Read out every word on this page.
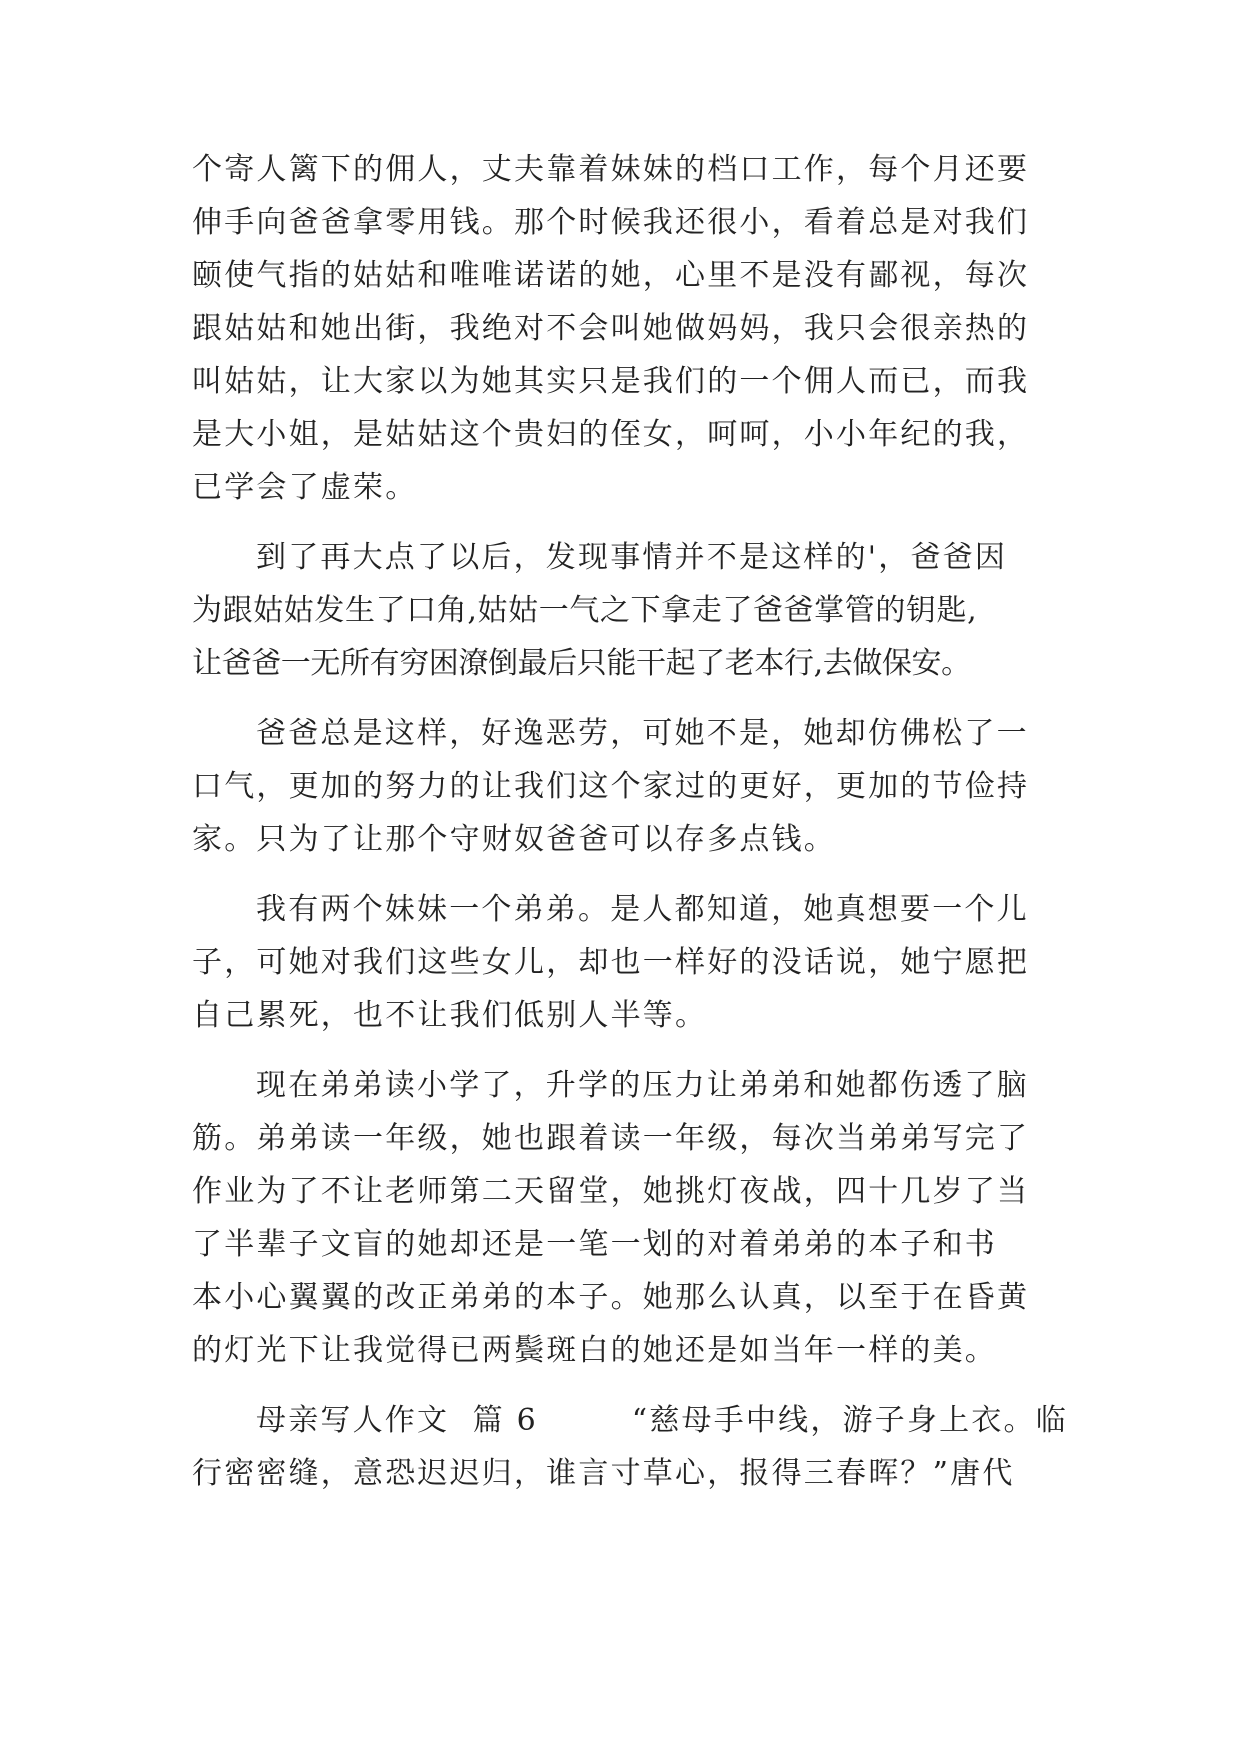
个寄人篱下的佣人，丈夫靠着妹妹的档口工作，每个月还要
伸手向爸爸拿零用钱。那个时候我还很小，看着总是对我们
颐使气指的姑姑和唯唯诺诺的她，心里不是没有鄙视，每次
跟姑姑和她出街，我绝对不会叫她做妈妈，我只会很亲热的
叫姑姑，让大家以为她其实只是我们的一个佣人而已，而我
是大小姐，是姑姑这个贵妇的侄女，呵呵，小小年纪的我，
已学会了虚荣。
到了再大点了以后，发现事情并不是这样的'，爸爸因
为跟姑姑发生了口角,姑姑一气之下拿走了爸爸掌管的钥匙,
让爸爸一无所有穷困潦倒最后只能干起了老本行,去做保安。
爸爸总是这样，好逸恶劳，可她不是，她却仿佛松了一
口气，更加的努力的让我们这个家过的更好，更加的节俭持
家。只为了让那个守财奴爸爸可以存多点钱。
我有两个妹妹一个弟弟。是人都知道，她真想要一个儿
子，可她对我们这些女儿，却也一样好的没话说，她宁愿把
自己累死，也不让我们低别人半等。
现在弟弟读小学了，升学的压力让弟弟和她都伤透了脑
筋。弟弟读一年级，她也跟着读一年级，每次当弟弟写完了
作业为了不让老师第二天留堂，她挑灯夜战，四十几岁了当
了半辈子文盲的她却还是一笔一划的对着弟弟的本子和书
本小心翼翼的改正弟弟的本子。她那么认真，以至于在昏黄
的灯光下让我觉得已两鬓斑白的她还是如当年一样的美。
母亲写人作文  篇 6        “慈母手中线，游子身上衣。临
行密密缝，意恐迟迟归，谁言寸草心，报得三春晖？”唐代
